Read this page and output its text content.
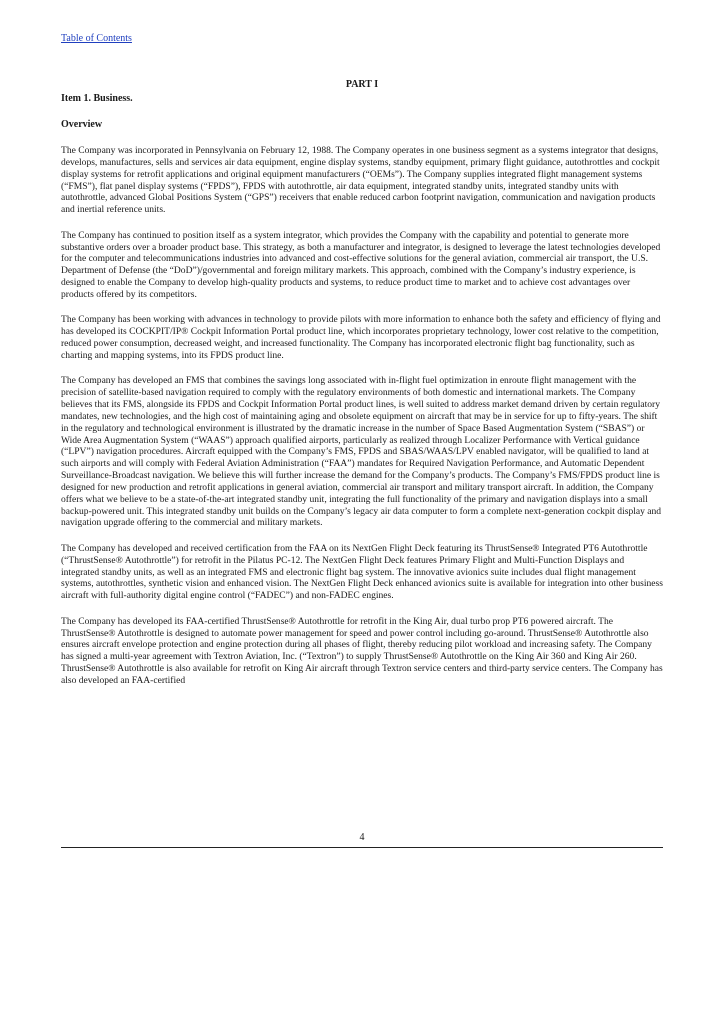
Table of Contents
PART I
Item 1. Business.
Overview

The Company was incorporated in Pennsylvania on February 12, 1988. The Company operates in one business segment as a systems integrator that designs, develops, manufactures, sells and services air data equipment, engine display systems, standby equipment, primary flight guidance, autothrottles and cockpit display systems for retrofit applications and original equipment manufacturers (“OEMs”). The Company supplies integrated flight management systems (“FMS”), flat panel display systems (“FPDS”), FPDS with autothrottle, air data equipment, integrated standby units, integrated standby units with autothrottle, advanced Global Positions System (“GPS”) receivers that enable reduced carbon footprint navigation, communication and navigation products and inertial reference units.

The Company has continued to position itself as a system integrator, which provides the Company with the capability and potential to generate more substantive orders over a broader product base. This strategy, as both a manufacturer and integrator, is designed to leverage the latest technologies developed for the computer and telecommunications industries into advanced and cost-effective solutions for the general aviation, commercial air transport, the U.S. Department of Defense (the “DoD”)/governmental and foreign military markets. This approach, combined with the Company’s industry experience, is designed to enable the Company to develop high-quality products and systems, to reduce product time to market and to achieve cost advantages over products offered by its competitors.

The Company has been working with advances in technology to provide pilots with more information to enhance both the safety and efficiency of flying and has developed its COCKPIT/IP® Cockpit Information Portal product line, which incorporates proprietary technology, lower cost relative to the competition, reduced power consumption, decreased weight, and increased functionality. The Company has incorporated electronic flight bag functionality, such as charting and mapping systems, into its FPDS product line.

The Company has developed an FMS that combines the savings long associated with in-flight fuel optimization in enroute flight management with the precision of satellite-based navigation required to comply with the regulatory environments of both domestic and international markets. The Company believes that its FMS, alongside its FPDS and Cockpit Information Portal product lines, is well suited to address market demand driven by certain regulatory mandates, new technologies, and the high cost of maintaining aging and obsolete equipment on aircraft that may be in service for up to fifty-years. The shift in the regulatory and technological environment is illustrated by the dramatic increase in the number of Space Based Augmentation System (“SBAS”) or Wide Area Augmentation System (“WAAS”) approach qualified airports, particularly as realized through Localizer Performance with Vertical guidance (“LPV”) navigation procedures. Aircraft equipped with the Company’s FMS, FPDS and SBAS/WAAS/LPV enabled navigator, will be qualified to land at such airports and will comply with Federal Aviation Administration (“FAA”) mandates for Required Navigation Performance, and Automatic Dependent Surveillance-Broadcast navigation. We believe this will further increase the demand for the Company’s products. The Company’s FMS/FPDS product line is designed for new production and retrofit applications in general aviation, commercial air transport and military transport aircraft. In addition, the Company offers what we believe to be a state-of-the-art integrated standby unit, integrating the full functionality of the primary and navigation displays into a small backup-powered unit. This integrated standby unit builds on the Company’s legacy air data computer to form a complete next-generation cockpit display and navigation upgrade offering to the commercial and military markets.

The Company has developed and received certification from the FAA on its NextGen Flight Deck featuring its ThrustSense® Integrated PT6 Autothrottle (“ThrustSense® Autothrottle”) for retrofit in the Pilatus PC-12. The NextGen Flight Deck features Primary Flight and Multi-Function Displays and integrated standby units, as well as an integrated FMS and electronic flight bag system. The innovative avionics suite includes dual flight management systems, autothrottles, synthetic vision and enhanced vision. The NextGen Flight Deck enhanced avionics suite is available for integration into other business aircraft with full-authority digital engine control (“FADEC”) and non-FADEC engines.

The Company has developed its FAA-certified ThrustSense® Autothrottle for retrofit in the King Air, dual turbo prop PT6 powered aircraft. The ThrustSense® Autothrottle is designed to automate power management for speed and power control including go-around. ThrustSense® Autothrottle also ensures aircraft envelope protection and engine protection during all phases of flight, thereby reducing pilot workload and increasing safety. The Company has signed a multi-year agreement with Textron Aviation, Inc. (“Textron”) to supply ThrustSense® Autothrottle on the King Air 360 and King Air 260. ThrustSense® Autothrottle is also available for retrofit on King Air aircraft through Textron service centers and third-party service centers. The Company has also developed an FAA-certified

4
